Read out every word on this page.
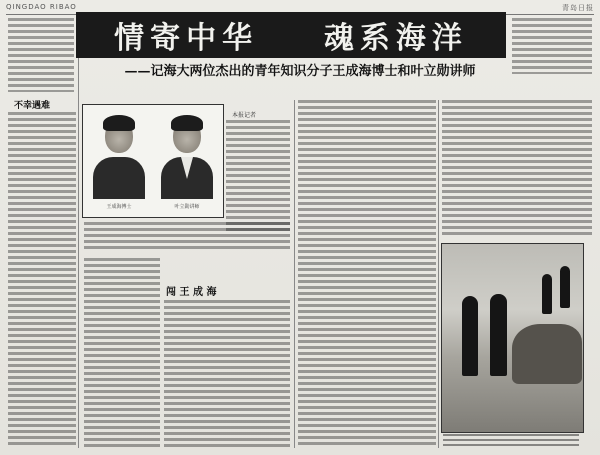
QINGDAO RIBAO	青岛日报
不幸遇难
情寄中华
魂系海洋
——记海大两位杰出的青年知识分子王成海博士和叶立勋讲师
王成海博士	叶立勋讲师
本报记者
闯 王 成 海
